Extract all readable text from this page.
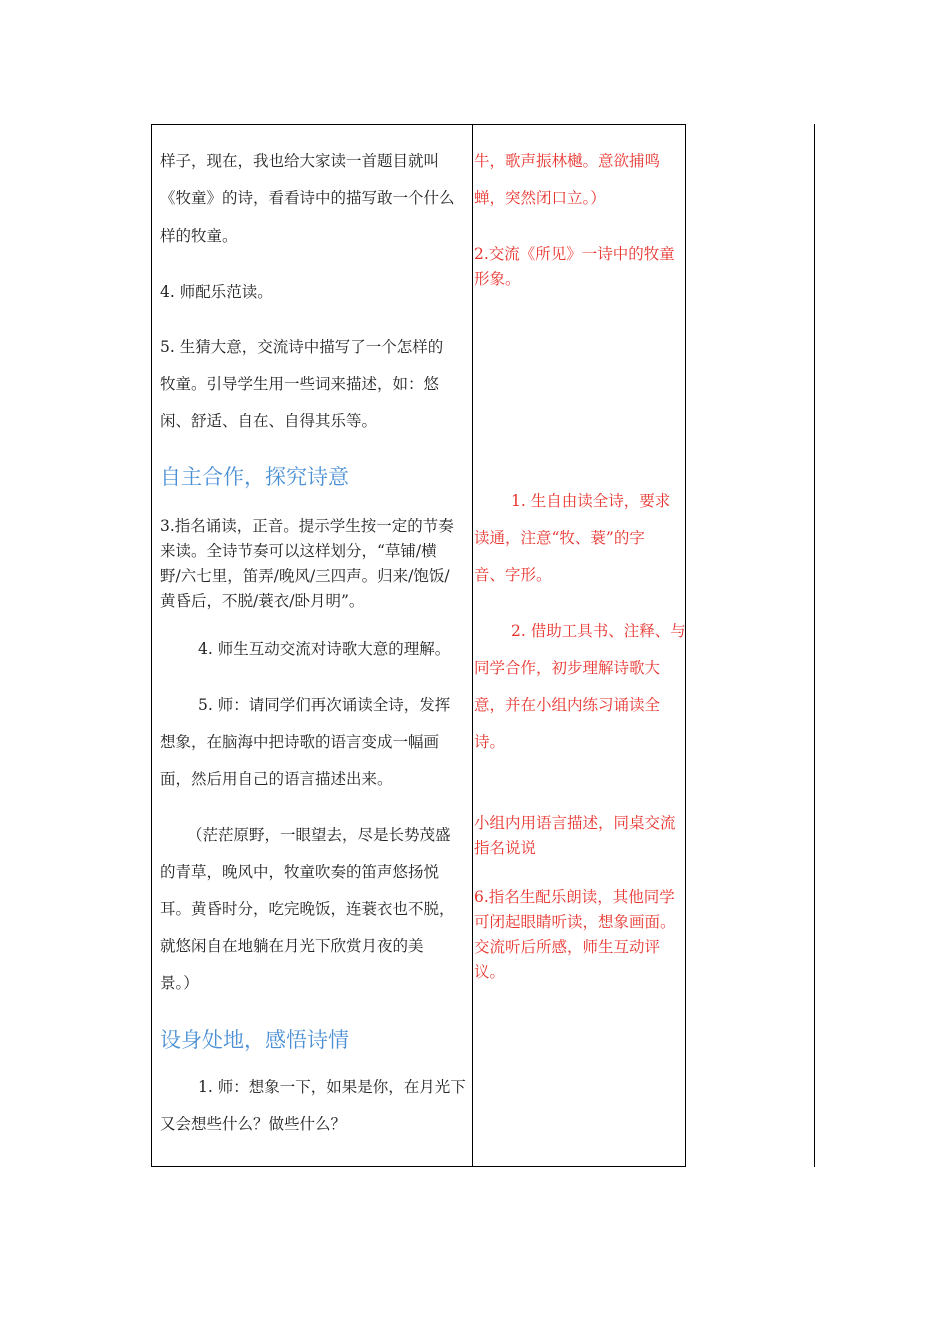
样子，现在，我也给大家读一首题目就叫

《牧童》的诗，看看诗中的描写敢一个什么

样的牧童。

4. 师配乐范读。

5. 生猜大意，交流诗中描写了一个怎样的

牧童。引导学生用一些词来描述，如：悠

闲、舒适、自在、自得其乐等。

自主合作，探究诗意

3.指名诵读，正音。提示学生按一定的节奏

来读。全诗节奏可以这样划分，“草铺/横

野/六七里，笛弄/晚风/三四声。归来/饱饭/

黄昏后，不脱/蓑衣/卧月明”。

4. 师生互动交流对诗歌大意的理解。

5. 师：请同学们再次诵读全诗，发挥

想象，在脑海中把诗歌的语言变成一幅画

面，然后用自己的语言描述出来。

（茫茫原野，一眼望去，尽是长势茂盛

的青草，晚风中，牧童吹奏的笛声悠扬悦

耳。黄昏时分，吃完晚饭，连蓑衣也不脱，

就悠闲自在地躺在月光下欣赏月夜的美

景。）

设身处地，感悟诗情

1. 师：想象一下，如果是你，在月光下

又会想些什么？做些什么？

牛，歌声振林樾。意欲捕鸣

蝉，突然闭口立。）

2.交流《所见》一诗中的牧童

形象。

1. 生自由读全诗，要求

读通，注意“牧、蓑”的字

音、字形。

2. 借助工具书、注释、与

同学合作，初步理解诗歌大

意，并在小组内练习诵读全

诗。

小组内用语言描述，同桌交流

指名说说

6.指名生配乐朗读，其他同学

可闭起眼睛听读，想象画面。

交流听后所感，师生互动评

议。
